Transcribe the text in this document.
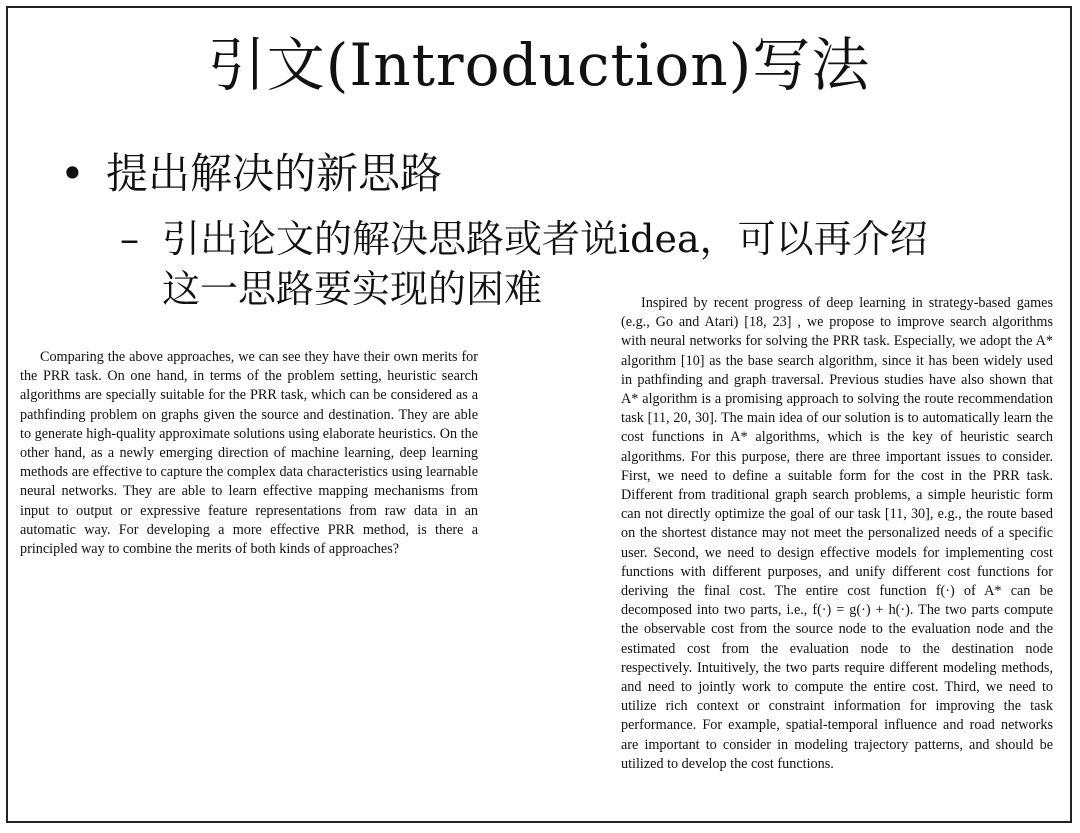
引文(Introduction)写法
• 提出解决的新思路
– 引出论文的解决思路或者说idea，可以再介绍
这一思路要实现的困难
Comparing the above approaches, we can see they have their own merits for the PRR task. On one hand, in terms of the problem setting, heuristic search algorithms are specially suitable for the PRR task, which can be considered as a pathfinding problem on graphs given the source and destination. They are able to generate high-quality approximate solutions using elaborate heuristics. On the other hand, as a newly emerging direction of machine learning, deep learning methods are effective to capture the complex data characteristics using learnable neural networks. They are able to learn effective mapping mechanisms from input to output or expressive feature representations from raw data in an automatic way. For developing a more effective PRR method, is there a principled way to combine the merits of both kinds of approaches?
Inspired by recent progress of deep learning in strategy-based games (e.g., Go and Atari) [18, 23] , we propose to improve search algorithms with neural networks for solving the PRR task. Especially, we adopt the A* algorithm [10] as the base search algorithm, since it has been widely used in pathfinding and graph traversal. Previous studies have also shown that A* algorithm is a promising approach to solving the route recommendation task [11, 20, 30]. The main idea of our solution is to automatically learn the cost functions in A* algorithms, which is the key of heuristic search algorithms. For this purpose, there are three important issues to consider. First, we need to define a suitable form for the cost in the PRR task. Different from traditional graph search problems, a simple heuristic form can not directly optimize the goal of our task [11, 30], e.g., the route based on the shortest distance may not meet the personalized needs of a specific user. Second, we need to design effective models for implementing cost functions with different purposes, and unify different cost functions for deriving the final cost. The entire cost function f(·) of A* can be decomposed into two parts, i.e., f(·) = g(·) + h(·). The two parts compute the observable cost from the source node to the evaluation node and the estimated cost from the evaluation node to the destination node respectively. Intuitively, the two parts require different modeling methods, and need to jointly work to compute the entire cost. Third, we need to utilize rich context or constraint information for improving the task performance. For example, spatial-temporal influence and road networks are important to consider in modeling trajectory patterns, and should be utilized to develop the cost functions.
